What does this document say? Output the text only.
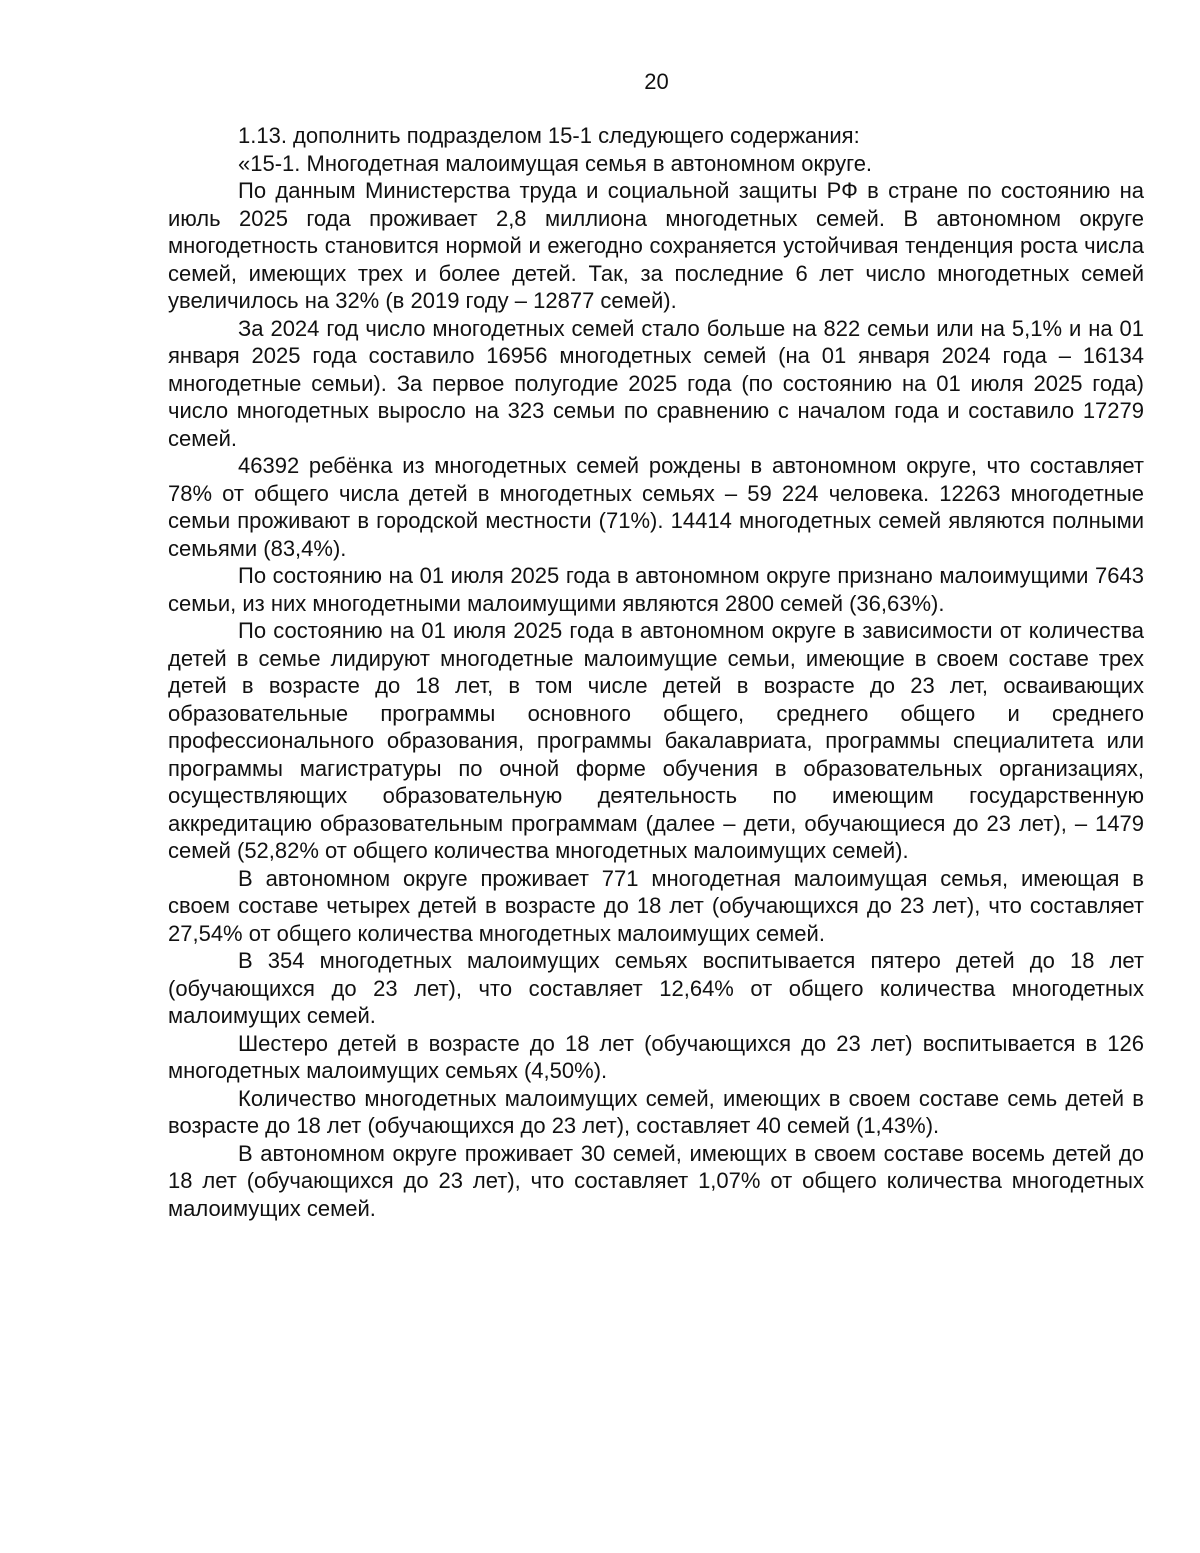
20

1.13. дополнить подразделом 15-1 следующего содержания:

«15-1. Многодетная малоимущая семья в автономном округе.

По данным Министерства труда и социальной защиты РФ в стране по состоянию на июль 2025 года проживает 2,8 миллиона многодетных семей. В автономном округе многодетность становится нормой и ежегодно сохраняется устойчивая тенденция роста числа семей, имеющих трех и более детей. Так, за последние 6 лет число многодетных семей увеличилось на 32% (в 2019 году – 12877 семей).

За 2024 год число многодетных семей стало больше на 822 семьи или на 5,1% и на 01 января 2025 года составило 16956 многодетных семей (на 01 января 2024 года – 16134 многодетные семьи). За первое полугодие 2025 года (по состоянию на 01 июля 2025 года) число многодетных выросло на 323 семьи по сравнению с началом года и составило 17279 семей.

46392 ребёнка из многодетных семей рождены в автономном округе, что составляет 78% от общего числа детей в многодетных семьях – 59 224 человека. 12263 многодетные семьи проживают в городской местности (71%). 14414 многодетных семей являются полными семьями (83,4%).

По состоянию на 01 июля 2025 года в автономном округе признано малоимущими 7643 семьи, из них многодетными малоимущими являются 2800 семей (36,63%).

По состоянию на 01 июля 2025 года в автономном округе в зависимости от количества детей в семье лидируют многодетные малоимущие семьи, имеющие в своем составе трех детей в возрасте до 18 лет, в том числе детей в возрасте до 23 лет, осваивающих образовательные программы основного общего, среднего общего и среднего профессионального образования, программы бакалавриата, программы специалитета или программы магистратуры по очной форме обучения в образовательных организациях, осуществляющих образовательную деятельность по имеющим государственную аккредитацию образовательным программам (далее – дети, обучающиеся до 23 лет), – 1479 семей (52,82% от общего количества многодетных малоимущих семей).

В автономном округе проживает 771 многодетная малоимущая семья, имеющая в своем составе четырех детей в возрасте до 18 лет (обучающихся до 23 лет), что составляет 27,54% от общего количества многодетных малоимущих семей.

В 354 многодетных малоимущих семьях воспитывается пятеро детей до 18 лет (обучающихся до 23 лет), что составляет 12,64% от общего количества многодетных малоимущих семей.

Шестеро детей в возрасте до 18 лет (обучающихся до 23 лет) воспитывается в 126 многодетных малоимущих семьях (4,50%).

Количество многодетных малоимущих семей, имеющих в своем составе семь детей в возрасте до 18 лет (обучающихся до 23 лет), составляет 40 семей (1,43%).

В автономном округе проживает 30 семей, имеющих в своем составе восемь детей до 18 лет (обучающихся до 23 лет), что составляет 1,07% от общего количества многодетных малоимущих семей.
